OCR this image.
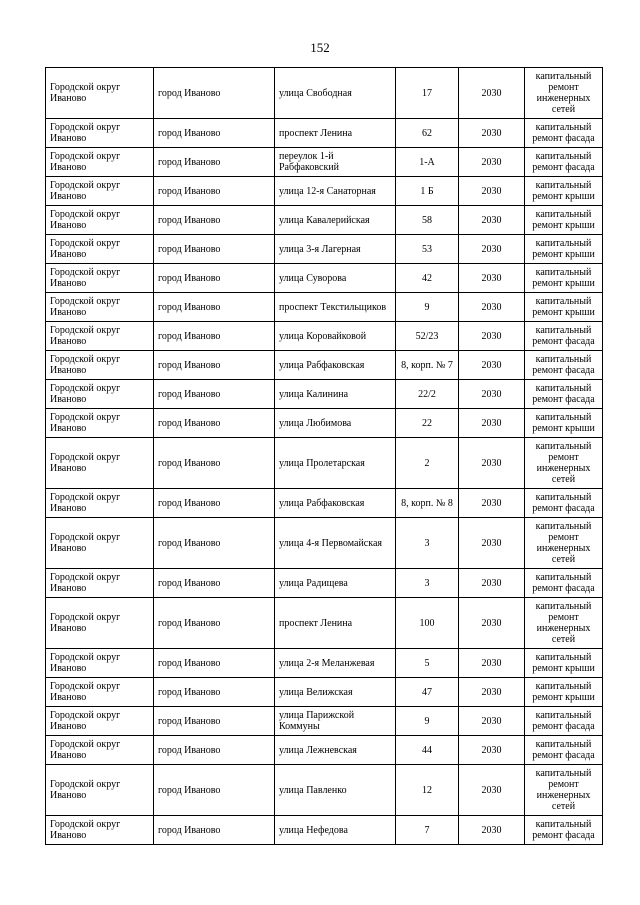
152
Городской округ Иваново	город Иваново	улица Свободная	17	2030	капитальный ремонт инженерных сетей
Городской округ Иваново	город Иваново	проспект Ленина	62	2030	капитальный ремонт фасада
Городской округ Иваново	город Иваново	переулок 1-й Рабфаковский	1-А	2030	капитальный ремонт фасада
Городской округ Иваново	город Иваново	улица 12-я Санаторная	1 Б	2030	капитальный ремонт крыши
Городской округ Иваново	город Иваново	улица Кавалерийская	58	2030	капитальный ремонт крыши
Городской округ Иваново	город Иваново	улица 3-я Лагерная	53	2030	капитальный ремонт крыши
Городской округ Иваново	город Иваново	улица Суворова	42	2030	капитальный ремонт крыши
Городской округ Иваново	город Иваново	проспект Текстильщиков	9	2030	капитальный ремонт крыши
Городской округ Иваново	город Иваново	улица Коровайковой	52/23	2030	капитальный ремонт фасада
Городской округ Иваново	город Иваново	улица Рабфаковская	8, корп. № 7	2030	капитальный ремонт фасада
Городской округ Иваново	город Иваново	улица Калинина	22/2	2030	капитальный ремонт фасада
Городской округ Иваново	город Иваново	улица Любимова	22	2030	капитальный ремонт крыши
Городской округ Иваново	город Иваново	улица Пролетарская	2	2030	капитальный ремонт инженерных сетей
Городской округ Иваново	город Иваново	улица Рабфаковская	8, корп. № 8	2030	капитальный ремонт фасада
Городской округ Иваново	город Иваново	улица 4-я Первомайская	3	2030	капитальный ремонт инженерных сетей
Городской округ Иваново	город Иваново	улица Радищева	3	2030	капитальный ремонт фасада
Городской округ Иваново	город Иваново	проспект Ленина	100	2030	капитальный ремонт инженерных сетей
Городской округ Иваново	город Иваново	улица 2-я Меланжевая	5	2030	капитальный ремонт крыши
Городской округ Иваново	город Иваново	улица Велижская	47	2030	капитальный ремонт крыши
Городской округ Иваново	город Иваново	улица Парижской Коммуны	9	2030	капитальный ремонт фасада
Городской округ Иваново	город Иваново	улица Лежневская	44	2030	капитальный ремонт фасада
Городской округ Иваново	город Иваново	улица Павленко	12	2030	капитальный ремонт инженерных сетей
Городской округ Иваново	город Иваново	улица Нефедова	7	2030	капитальный ремонт фасада
